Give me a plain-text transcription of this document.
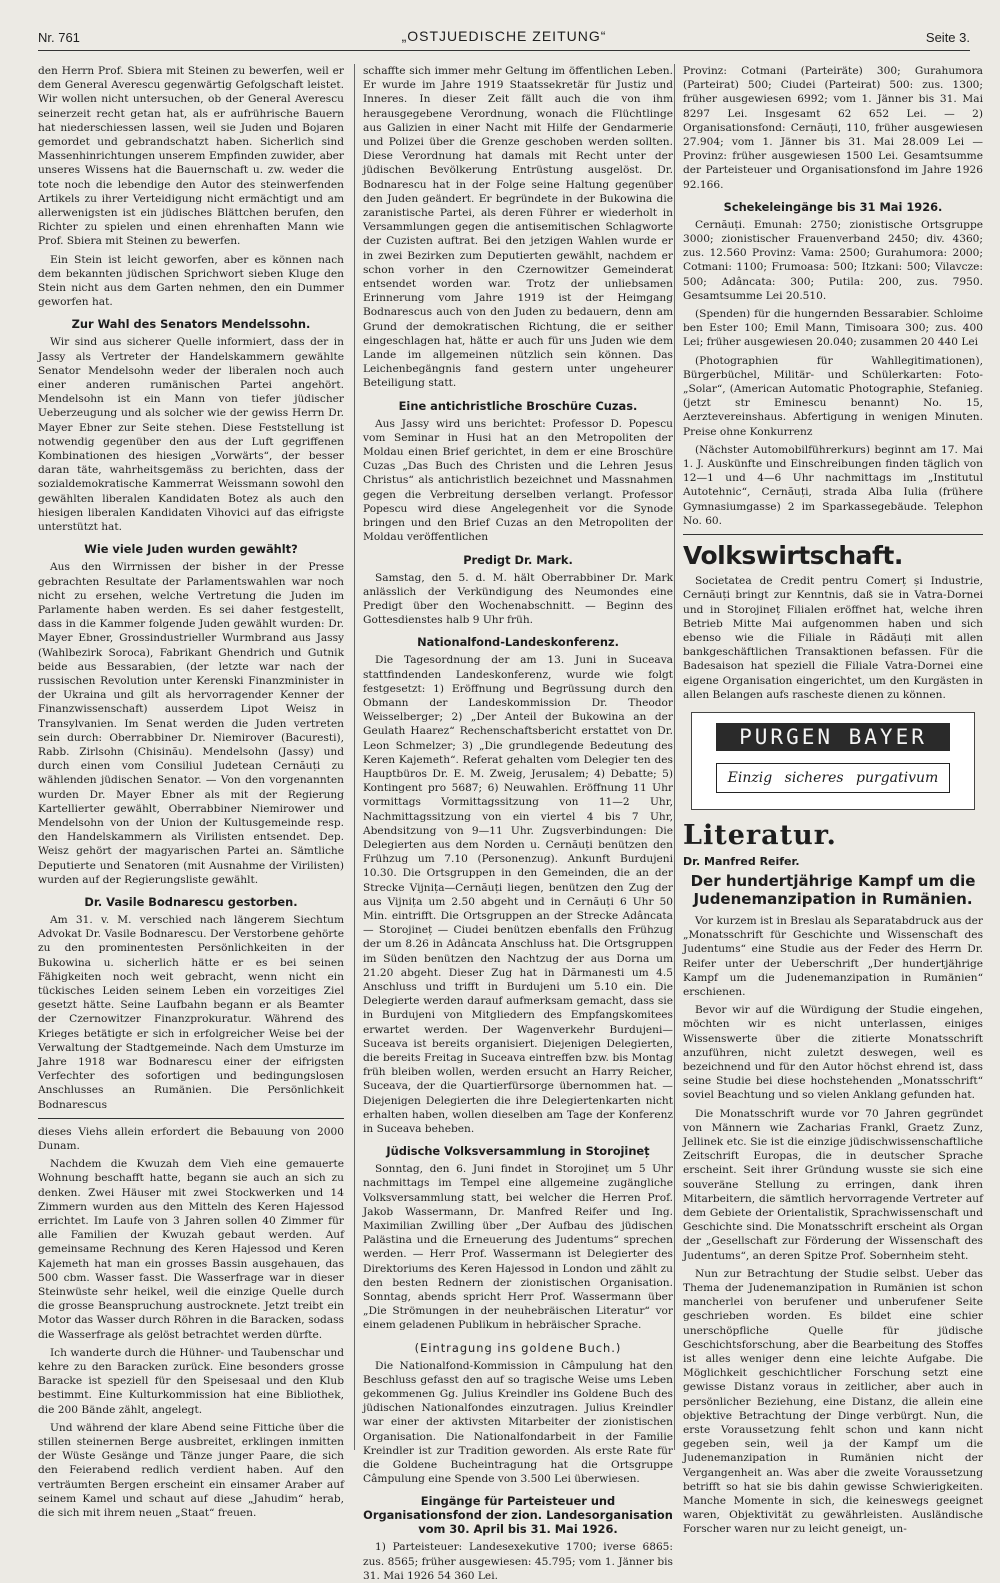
Nr. 761	„OSTJUEDISCHE ZEITUNG“	Seite 3.

den Herrn Prof. Sbiera mit Steinen zu bewerfen, weil er dem General Averescu gegenwärtig Gefolgschaft leistet. Wir wollen nicht untersuchen, ob der General Averescu seinerzeit recht getan hat, als er aufrührische Bauern hat niederschiessen lassen, weil sie Juden und Bojaren gemordet und gebrandschatzt haben. Sicherlich sind Massenhinrichtungen unserem Empfinden zuwider, aber unseres Wissens hat die Bauernschaft u. zw. weder die tote noch die lebendige den Autor des steinwerfenden Artikels zu ihrer Verteidigung nicht ermächtigt und am allerwenigsten ist ein jüdisches Blättchen berufen, den Richter zu spielen und einen ehrenhaften Mann wie Prof. Sbiera mit Steinen zu bewerfen.

Ein Stein ist leicht geworfen, aber es können nach dem bekannten jüdischen Sprichwort sieben Kluge den Stein nicht aus dem Garten nehmen, den ein Dummer geworfen hat.

Zur Wahl des Senators Mendelssohn.

Wir sind aus sicherer Quelle informiert, dass der in Jassy als Vertreter der Handelskammern gewählte Senator Mendelsohn weder der liberalen noch auch einer anderen rumänischen Partei angehört. Mendelsohn ist ein Mann von tiefer jüdischer Ueberzeugung und als solcher wie der gewiss Herrn Dr. Mayer Ebner zur Seite stehen. Diese Feststellung ist notwendig gegenüber den aus der Luft gegriffenen Kombinationen des hiesigen „Vorwärts“, der besser daran täte, wahrheitsgemäss zu berichten, dass der sozialdemokratische Kammerrat Weissmann sowohl den gewählten liberalen Kandidaten Botez als auch den hiesigen liberalen Kandidaten Vihovici auf das eifrigste unterstützt hat.

Wie viele Juden wurden gewählt?

Aus den Wirrnissen der bisher in der Presse gebrachten Resultate der Parlamentswahlen war noch nicht zu ersehen, welche Vertretung die Juden im Parlamente haben werden. Es sei daher festgestellt, dass in die Kammer folgende Juden gewählt wurden: Dr. Mayer Ebner, Grossindustrieller Wurmbrand aus Jassy (Wahlbezirk Soroca), Fabrikant Ghendrich und Gutnik beide aus Bessarabien, (der letzte war nach der russischen Revolution unter Kerenski Finanzminister in der Ukraina und gilt als hervorragender Kenner der Finanzwissenschaft) ausserdem Lipot Weisz in Transylvanien. Im Senat werden die Juden vertreten sein durch: Oberrabbiner Dr. Niemirover (Bacuresti), Rabb. Zirlsohn (Chisinău). Mendelsohn (Jassy) und durch einen vom Consiliul Judetean Cernăuți zu wählenden jüdischen Senator. — Von den vorgenannten wurden Dr. Mayer Ebner als mit der Regierung Kartellierter gewählt, Oberrabbiner Niemirower und Mendelsohn von der Union der Kultusgemeinde resp. den Handelskammern als Virilisten entsendet. Dep. Weisz gehört der magyarischen Partei an. Sämtliche Deputierte und Senatoren (mit Ausnahme der Virilisten) wurden auf der Regierungsliste gewählt.

Dr. Vasile Bodnarescu gestorben.

Am 31. v. M. verschied nach längerem Siechtum Advokat Dr. Vasile Bodnarescu. Der Verstorbene gehörte zu den prominentesten Persönlichkeiten in der Bukowina u. sicherlich hätte er es bei seinen Fähigkeiten noch weit gebracht, wenn nicht ein tückisches Leiden seinem Leben ein vorzeitiges Ziel gesetzt hätte. Seine Laufbahn begann er als Beamter der Czernowitzer Finanzprokuratur. Während des Krieges betätigte er sich in erfolgreicher Weise bei der Verwaltung der Stadtgemeinde. Nach dem Umsturze im Jahre 1918 war Bodnarescu einer der eifrigsten Verfechter des sofortigen und bedingungslosen Anschlusses an Rumänien. Die Persönlichkeit Bodnarescus

dieses Viehs allein erfordert die Bebauung von 2000 Dunam.

Nachdem die Kwuzah dem Vieh eine gemauerte Wohnung beschafft hatte, begann sie auch an sich zu denken. Zwei Häuser mit zwei Stockwerken und 14 Zimmern wurden aus den Mitteln des Keren Hajessod errichtet. Im Laufe von 3 Jahren sollen 40 Zimmer für alle Familien der Kwuzah gebaut werden. Auf gemeinsame Rechnung des Keren Hajessod und Keren Kajemeth hat man ein grosses Bassin ausgehauen, das 500 cbm. Wasser fasst. Die Wasserfrage war in dieser Steinwüste sehr heikel, weil die einzige Quelle durch die grosse Beanspruchung austrocknete. Jetzt treibt ein Motor das Wasser durch Röhren in die Baracken, sodass die Wasserfrage als gelöst betrachtet werden dürfte.

Ich wanderte durch die Hühner- und Taubenschar und kehre zu den Baracken zurück. Eine besonders grosse Baracke ist speziell für den Speisesaal und den Klub bestimmt. Eine Kulturkommission hat eine Bibliothek, die 200 Bände zählt, angelegt.

Und während der klare Abend seine Fittiche über die stillen steinernen Berge ausbreitet, erklingen inmitten der Wüste Gesänge und Tänze junger Paare, die sich den Feierabend redlich verdient haben. Auf den verträumten Bergen erscheint ein einsamer Araber auf seinem Kamel und schaut auf diese „Jahudim“ herab, die sich mit ihrem neuen „Staat“ freuen.

schaffte sich immer mehr Geltung im öffentlichen Leben. Er wurde im Jahre 1919 Staatssekretär für Justiz und Inneres. In dieser Zeit fällt auch die von ihm herausgegebene Verordnung, wonach die Flüchtlinge aus Galizien in einer Nacht mit Hilfe der Gendarmerie und Polizei über die Grenze geschoben werden sollten. Diese Verordnung hat damals mit Recht unter der jüdischen Bevölkerung Entrüstung ausgelöst. Dr. Bodnarescu hat in der Folge seine Haltung gegenüber den Juden geändert. Er begründete in der Bukowina die zaranistische Partei, als deren Führer er wiederholt in Versammlungen gegen die antisemitischen Schlagworte der Cuzisten auftrat. Bei den jetzigen Wahlen wurde er in zwei Bezirken zum Deputierten gewählt, nachdem er schon vorher in den Czernowitzer Gemeinderat entsendet worden war. Trotz der unliebsamen Erinnerung vom Jahre 1919 ist der Heimgang Bodnarescus auch von den Juden zu bedauern, denn am Grund der demokratischen Richtung, die er seither eingeschlagen hat, hätte er auch für uns Juden wie dem Lande im allgemeinen nützlich sein können. Das Leichenbegängnis fand gestern unter ungeheurer Beteiligung statt.

Eine antichristliche Broschüre Cuzas.

Aus Jassy wird uns berichtet: Professor D. Popescu vom Seminar in Husi hat an den Metropoliten der Moldau einen Brief gerichtet, in dem er eine Broschüre Cuzas „Das Buch des Christen und die Lehren Jesus Christus“ als antichristlich bezeichnet und Massnahmen gegen die Verbreitung derselben verlangt. Professor Popescu wird diese Angelegenheit vor die Synode bringen und den Brief Cuzas an den Metropoliten der Moldau veröffentlichen

Predigt Dr. Mark.

Samstag, den 5. d. M. hält Oberrabbiner Dr. Mark anlässlich der Verkündigung des Neumondes eine Predigt über den Wochenabschnitt. — Beginn des Gottesdienstes halb 9 Uhr früh.

Nationalfond-Landeskonferenz.

Die Tagesordnung der am 13. Juni in Suceava stattfindenden Landeskonferenz, wurde wie folgt festgesetzt: 1) Eröffnung und Begrüssung durch den Obmann der Landeskommission Dr. Theodor Weisselberger; 2) „Der Anteil der Bukowina an der Geulath Haarez“ Rechenschaftsbericht erstattet von Dr. Leon Schmelzer; 3) „Die grundlegende Bedeutung des Keren Kajemeth“. Referat gehalten vom Delegier ten des Hauptbüros Dr. E. M. Zweig, Jerusalem; 4) Debatte; 5) Kontingent pro 5687; 6) Neuwahlen. Eröffnung 11 Uhr vormittags Vormittagssitzung von 11—2 Uhr, Nachmittagssitzung von ein viertel 4 bis 7 Uhr, Abendsitzung von 9—11 Uhr. Zugsverbindungen: Die Delegierten aus dem Norden u. Cernăuți benützen den Frühzug um 7.10 (Personenzug). Ankunft Burdujeni 10.30. Die Ortsgruppen in den Gemeinden, die an der Strecke Vijnița—Cernăuți liegen, benützen den Zug der aus Vijnița um 2.50 abgeht und in Cernăuți 6 Uhr 50 Min. eintrifft. Die Ortsgruppen an der Strecke Adâncata — Storojineț — Ciudei benützen ebenfalls den Frühzug der um 8.26 in Adâncata Anschluss hat. Die Ortsgruppen im Süden benützen den Nachtzug der aus Dorna um 21.20 abgeht. Dieser Zug hat in Dărmanesti um 4.5 Anschluss und trifft in Burdujeni um 5.10 ein. Die Delegierte werden darauf aufmerksam gemacht, dass sie in Burdujeni von Mitgliedern des Empfangskomitees erwartet werden. Der Wagenverkehr Burdujeni—Suceava ist bereits organisiert. Diejenigen Delegierten, die bereits Freitag in Suceava eintreffen bzw. bis Montag früh bleiben wollen, werden ersucht an Harry Reicher, Suceava, der die Quartierfürsorge übernommen hat. — Diejenigen Delegierten die ihre Delegiertenkarten nicht erhalten haben, wollen dieselben am Tage der Konferenz in Suceava beheben.

Jüdische Volksversammlung in Storojineț

Sonntag, den 6. Juni findet in Storojineț um 5 Uhr nachmittags im Tempel eine allgemeine zugängliche Volksversammlung statt, bei welcher die Herren Prof. Jakob Wassermann, Dr. Manfred Reifer und Ing. Maximilian Zwilling über „Der Aufbau des jüdischen Palästina und die Erneuerung des Judentums“ sprechen werden. — Herr Prof. Wassermann ist Delegierter des Direktoriums des Keren Hajessod in London und zählt zu den besten Rednern der zionistischen Organisation. Sonntag, abends spricht Herr Prof. Wassermann über „Die Strömungen in der neuhebräischen Literatur“ vor einem geladenen Publikum in hebräischer Sprache.

(Eintragung ins goldene Buch.)

Die Nationalfond-Kommission in Câmpulung hat den Beschluss gefasst den auf so tragische Weise ums Leben gekommenen Gg. Julius Kreindler ins Goldene Buch des jüdischen Nationalfondes einzutragen. Julius Kreindler war einer der aktivsten Mitarbeiter der zionistischen Organisation. Die Nationalfondarbeit in der Familie Kreindler ist zur Tradition geworden. Als erste Rate für die Goldene Bucheintragung hat die Ortsgruppe Câmpulung eine Spende von 3.500 Lei überwiesen.

Eingänge für Parteisteuer und Organisationsfond der zion. Landesorganisation vom 30. April bis 31. Mai 1926.

1) Parteisteuer: Landesexekutive 1700; iverse 6865: zus. 8565; früher ausgewiesen: 45.795; vom 1. Jänner bis 31. Mai 1926 54 360 Lei.

Provinz: Cotmani (Parteiräte) 300; Gurahumora (Parteirat) 500; Ciudei (Parteirat) 500: zus. 1300; früher ausgewiesen 6992; vom 1. Jänner bis 31. Mai 8297 Lei. Insgesamt 62 652 Lei. — 2) Organisationsfond: Cernăuți, 110, früher ausgewiesen 27.904; vom 1. Jänner bis 31. Mai 28.009 Lei — Provinz: früher ausgewiesen 1500 Lei. Gesamtsumme der Parteisteuer und Organisationsfond im Jahre 1926 92.166.

Schekeleingänge bis 31 Mai 1926.

Cernăuți. Emunah: 2750; zionistische Ortsgruppe 3000; zionistischer Frauenverband 2450; div. 4360; zus. 12.560 Provinz: Vama: 2500; Gurahumora: 2000; Cotmani: 1100; Frumoasa: 500; Itzkani: 500; Vilavcze: 500; Adâncata: 300; Putila: 200, zus. 7950. Gesamtsumme Lei 20.510.

(Spenden) für die hungernden Bessarabier. Schloime ben Ester 100; Emil Mann, Timisoara 300; zus. 400 Lei; früher ausgewiesen 20.040; zusammen 20 440 Lei

(Photographien für Wahllegitimationen), Bürgerbüchel, Militär- und Schülerkarten: Foto-„Solar“, (American Automatic Photographie, Stefanieg. (jetzt str Eminescu benannt) No. 15, Aerztevereinshaus. Abfertigung in wenigen Minuten. Preise ohne Konkurrenz

(Nächster Automobilführerkurs) beginnt am 17. Mai 1. J. Auskünfte und Einschreibungen finden täglich von 12—1 und 4—6 Uhr nachmittags im „Institutul Autotehnic“, Cernăuți, strada Alba Iulia (frühere Gymnasiumgasse) 2 im Sparkassegebäude. Telephon No. 60.

Volkswirtschaft.

Societatea de Credit pentru Comerț și Industrie, Cernăuți bringt zur Kenntnis, daß sie in Vatra-Dornei und in Storojineț Filialen eröffnet hat, welche ihren Betrieb Mitte Mai aufgenommen haben und sich ebenso wie die Filiale in Rădăuți mit allen bankgeschäftlichen Transaktionen befassen. Für die Badesaison hat speziell die Filiale Vatra-Dornei eine eigene Organisation eingerichtet, um den Kurgästen in allen Belangen aufs rascheste dienen zu können.

PURGEN BAYER
Einzig sicheres purgativum
Literatur.
Dr. Manfred Reifer.
Der hundertjährige Kampf um die Judenemanzipation in Rumänien.

Vor kurzem ist in Breslau als Separatabdruck aus der „Monatsschrift für Geschichte und Wissenschaft des Judentums“ eine Studie aus der Feder des Herrn Dr. Reifer unter der Ueberschrift „Der hundertjährige Kampf um die Judenemanzipation in Rumänien“ erschienen.

Bevor wir auf die Würdigung der Studie eingehen, möchten wir es nicht unterlassen, einiges Wissenswerte über die zitierte Monatsschrift anzuführen, nicht zuletzt deswegen, weil es bezeichnend und für den Autor höchst ehrend ist, dass seine Studie bei diese hochstehenden „Monatsschrift“ soviel Beachtung und so vielen Anklang gefunden hat.

Die Monatsschrift wurde vor 70 Jahren gegründet von Männern wie Zacharias Frankl, Graetz Zunz, Jellinek etc. Sie ist die einzige jüdischwissenschaftliche Zeitschrift Europas, die in deutscher Sprache erscheint. Seit ihrer Gründung wusste sie sich eine souveräne Stellung zu erringen, dank ihren Mitarbeitern, die sämtlich hervorragende Vertreter auf dem Gebiete der Orientalistik, Sprachwissenschaft und Geschichte sind. Die Monatsschrift erscheint als Organ der „Gesellschaft zur Förderung der Wissenschaft des Judentums“, an deren Spitze Prof. Sobernheim steht.

Nun zur Betrachtung der Studie selbst. Ueber das Thema der Judenemanzipation in Rumänien ist schon mancherlei von berufener und unberufener Seite geschrieben worden. Es bildet eine schier unerschöpfliche Quelle für jüdische Geschichtsforschung, aber die Bearbeitung des Stoffes ist alles weniger denn eine leichte Aufgabe. Die Möglichkeit geschichtlicher Forschung setzt eine gewisse Distanz voraus in zeitlicher, aber auch in persönlicher Beziehung, eine Distanz, die allein eine objektive Betrachtung der Dinge verbürgt. Nun, die erste Voraussetzung fehlt schon und kann nicht gegeben sein, weil ja der Kampf um die Judenemanzipation in Rumänien nicht der Vergangenheit an. Was aber die zweite Voraussetzung betrifft so hat sie bis dahin gewisse Schwierigkeiten. Manche Momente in sich, die keineswegs geeignet waren, Objektivität zu gewährleisten. Ausländische Forscher waren nur zu leicht geneigt, un-
